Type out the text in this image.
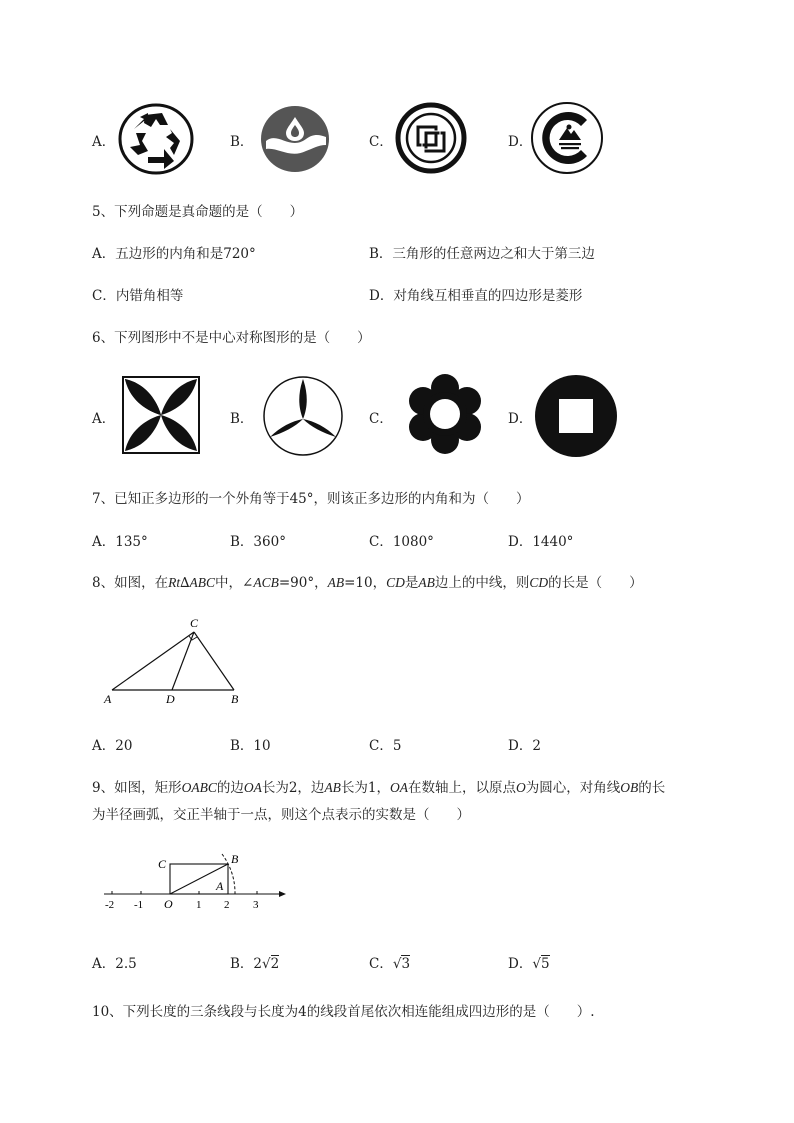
A．	B．	C．	D．
5、下列命题是真命题的是（　　）
A．五边形的内角和是720°	B．三角形的任意两边之和大于第三边
C．内错角相等	D．对角线互相垂直的四边形是菱形
6、下列图形中不是中心对称图形的是（　　）
A．	B．	C．	D．
7、已知正多边形的一个外角等于45°，则该正多边形的内角和为（　　）
A．135°	B．360°	C．1080°	D．1440°
8、如图，在Rt∆ABC中，∠ACB=90°，AB=10，CD是AB边上的中线，则CD的长是（　　）
C
A	D	B
A．20	B．10	C．5	D．2
9、如图，矩形OABC的边OA长为2，边AB长为1，OA在数轴上，以原点O为圆心，对角线OB的长
为半径画弧，交正半轴于一点，则这个点表示的实数是（　　）
C	B
A
O
-2 -1	1 2 3
A．2.5	B．2√2	C．√3	D．√5
10、下列长度的三条线段与长度为4的线段首尾依次相连能组成四边形的是（　　）.
